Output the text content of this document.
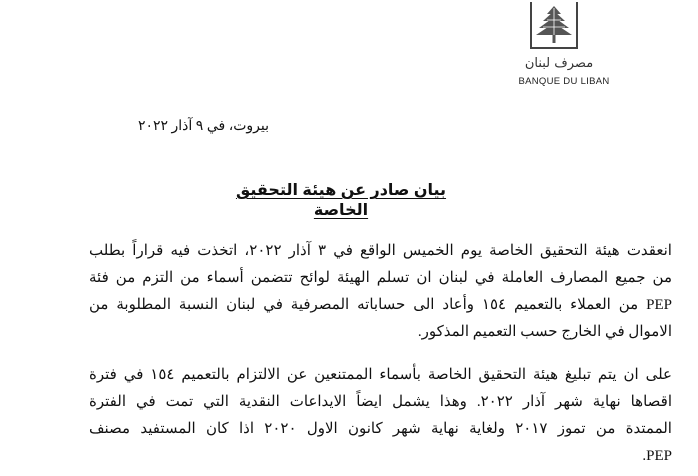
مصرف لبنان
BANQUE DU LIBAN
بيروت، في ٩ آذار ٢٠٢٢
بيان صادر عن هيئة التحقيق الخاصة
انعقدت هيئة التحقيق الخاصة يوم الخميس الواقع في ٣ آذار ٢٠٢٢، اتخذت فيه قراراً بطلب
من جميع المصارف العاملة في لبنان ان تسلم الهيئة لوائح تتضمن أسماء من التزم من فئة
PEP من العملاء بالتعميم ١٥٤ وأعاد الى حساباته المصرفية في لبنان النسبة المطلوبة من
الاموال في الخارج حسب التعميم المذكور.
على ان يتم تبليغ هيئة التحقيق الخاصة بأسماء الممتنعين عن الالتزام بالتعميم ١٥٤ في فترة
اقصاها نهاية شهر آذار ٢٠٢٢. وهذا يشمل ايضاً الايداعات النقدية التي تمت في الفترة
الممتدة من تموز ٢٠١٧ ولغاية نهاية شهر كانون الاول ٢٠٢٠ اذا كان المستفيد مصنف
PEP.
